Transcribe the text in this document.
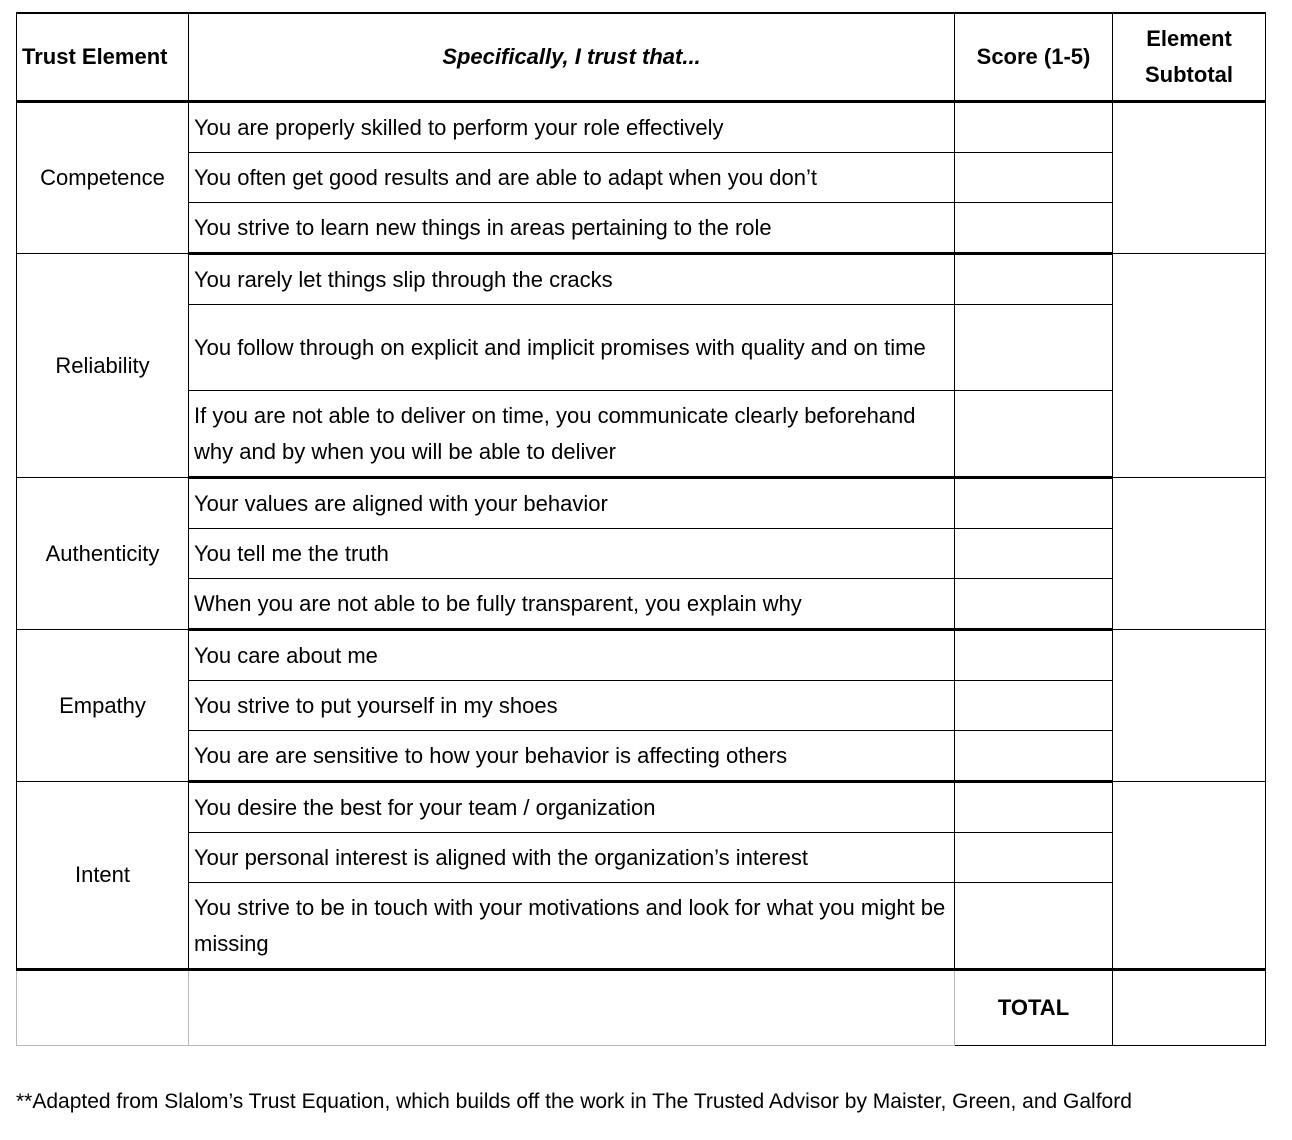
Trust Element	Specifically, I trust that...	Score (1-5)	Element
Subtotal
Competence	You are properly skilled to perform your role effectively		
	You often get good results and are able to adapt when you don’t		
	You strive to learn new things in areas pertaining to the role		
Reliability	You rarely let things slip through the cracks		
	You follow through on explicit and implicit promises with quality and on time		
	If you are not able to deliver on time, you communicate clearly beforehand why and by when you will be able to deliver		
Authenticity	Your values are aligned with your behavior		
	You tell me the truth		
	When you are not able to be fully transparent, you explain why		
Empathy	You care about me		
	You strive to put yourself in my shoes		
	You are are sensitive to how your behavior is affecting others		
Intent	You desire the best for your team / organization		
	Your personal interest is aligned with the organization’s interest		
	You strive to be in touch with your motivations and look for what you might be missing		
		TOTAL	
**Adapted from Slalom’s Trust Equation, which builds off the work in The Trusted Advisor by Maister, Green, and Galford
